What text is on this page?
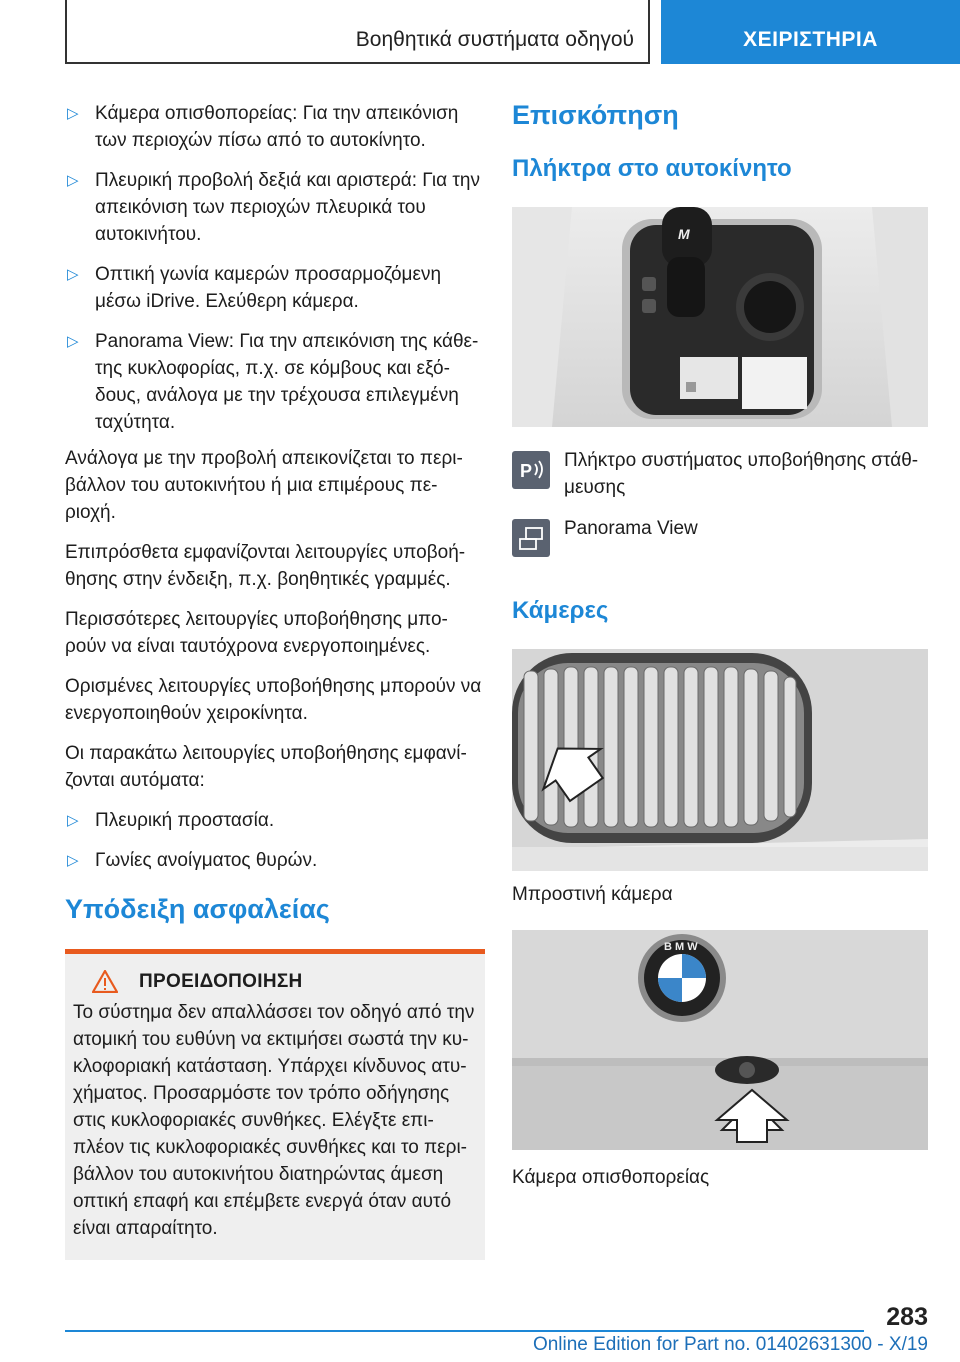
Βοηθητικά συστήματα οδηγού	ΧΕΙΡΙΣΤΗΡΙΑ
▷ Κάμερα οπισθοπορείας: Για την απεικόνιση των περιοχών πίσω από το αυτοκίνητο.
▷ Πλευρική προβολή δεξιά και αριστερά: Για την απεικόνιση των περιοχών πλευρικά του αυτοκινήτου.
▷ Οπτική γωνία καμερών προσαρμοζόμενη μέσω iDrive. Ελεύθερη κάμερα.
▷ Panorama View: Για την απεικόνιση της κάθε-της κυκλοφορίας, π.χ. σε κόμβους και εξό-δους, ανάλογα με την τρέχουσα επιλεγμένη ταχύτητα.

Ανάλογα με την προβολή απεικονίζεται το περι-βάλλον του αυτοκινήτου ή μια επιμέρους πε-ριοχή.

Επιπρόσθετα εμφανίζονται λειτουργίες υποβοή-θησης στην ένδειξη, π.χ. βοηθητικές γραμμές.

Περισσότερες λειτουργίες υποβοήθησης μπο-ρούν να είναι ταυτόχρονα ενεργοποιημένες.

Ορισμένες λειτουργίες υποβοήθησης μπορούν να ενεργοποιηθούν χειροκίνητα.

Οι παρακάτω λειτουργίες υποβοήθησης εμφανί-ζονται αυτόματα:

▷ Πλευρική προστασία.
▷ Γωνίες ανοίγματος θυρών.
Υπόδειξη ασφαλείας
ΠΡΟΕΙΔΟΠΟΙΗΣΗ

Το σύστημα δεν απαλλάσσει τον οδηγό από την ατομική του ευθύνη να εκτιμήσει σωστά την κυ-κλοφοριακή κατάσταση. Υπάρχει κίνδυνος ατυ-χήματος. Προσαρμόστε τον τρόπο οδήγησης στις κυκλοφοριακές συνθήκες. Ελέγξτε επι-πλέον τις κυκλοφοριακές συνθήκες και το περι-βάλλον του αυτοκινήτου διατηρώντας άμεση οπτική επαφή και επέμβετε ενεργά όταν αυτό είναι απαραίτητο.

Επισκόπηση
Πλήκτρα στο αυτοκίνητο
M
P Πλήκτρο συστήματος υποβοήθησης στάθ-μευσης
Panorama View
Κάμερες
Μπροστινή κάμερα
B M W
Κάμερα οπισθοπορείας
283
Online Edition for Part no. 01402631300 - X/19
